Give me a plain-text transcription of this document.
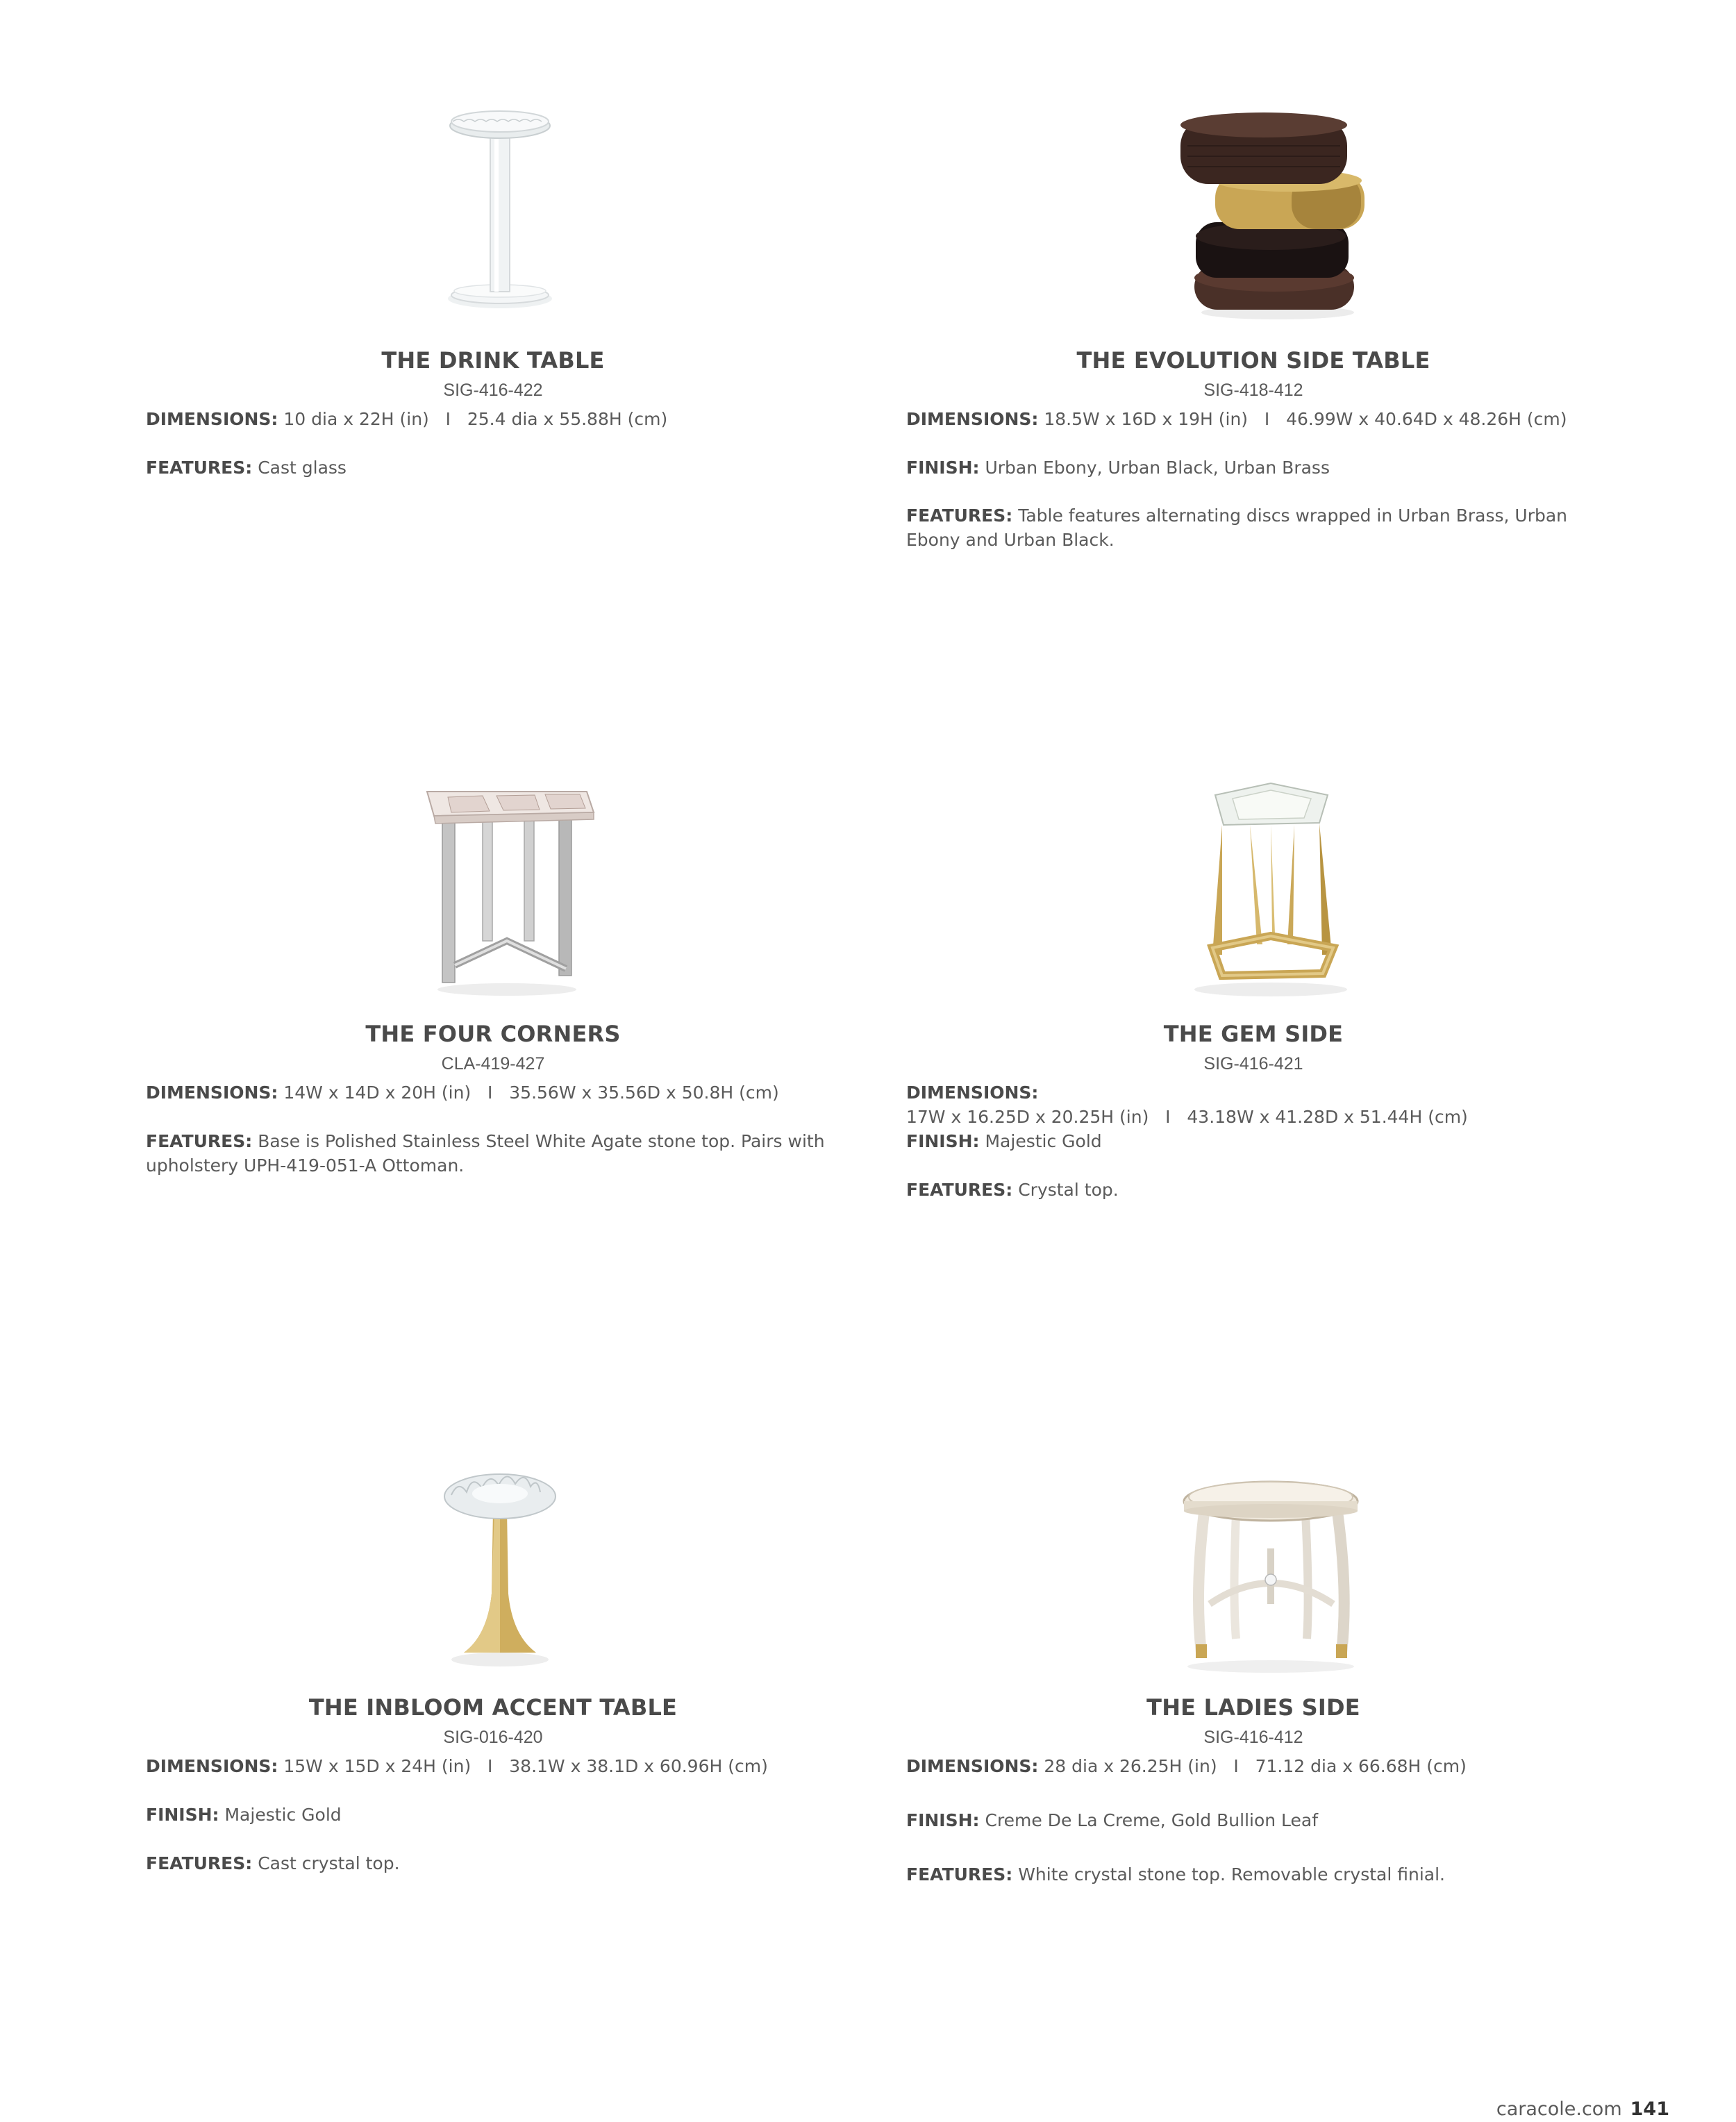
THE DRINK TABLE
SIG-416-422
DIMENSIONS: 10 dia x 22H (in)   I   25.4 dia x 55.88H (cm)
FEATURES: Cast glass
THE EVOLUTION SIDE TABLE
SIG-418-412
DIMENSIONS: 18.5W x 16D x 19H (in)   I   46.99W x 40.64D x 48.26H (cm)
FINISH: Urban Ebony, Urban Black, Urban Brass
FEATURES: Table features alternating discs wrapped in Urban Brass, Urban Ebony and Urban Black.
THE FOUR CORNERS
CLA-419-427
DIMENSIONS: 14W x 14D x 20H (in)   I   35.56W x 35.56D x 50.8H (cm)
FEATURES: Base is Polished Stainless Steel White Agate stone top. Pairs with upholstery UPH-419-051-A Ottoman.
THE GEM SIDE
SIG-416-421
DIMENSIONS: 17W x 16.25D x 20.25H (in)   I   43.18W x 41.28D x 51.44H (cm)
FINISH: Majestic Gold
FEATURES: Crystal top.
THE INBLOOM ACCENT TABLE
SIG-016-420
DIMENSIONS: 15W x 15D x 24H (in)   I   38.1W x 38.1D x 60.96H (cm)
FINISH: Majestic Gold
FEATURES: Cast crystal top.
THE LADIES SIDE
SIG-416-412
DIMENSIONS: 28 dia x 26.25H (in)   I   71.12 dia x 66.68H (cm)
FINISH: Creme De La Creme, Gold Bullion Leaf
FEATURES: White crystal stone top. Removable crystal finial.
caracole.com 141
